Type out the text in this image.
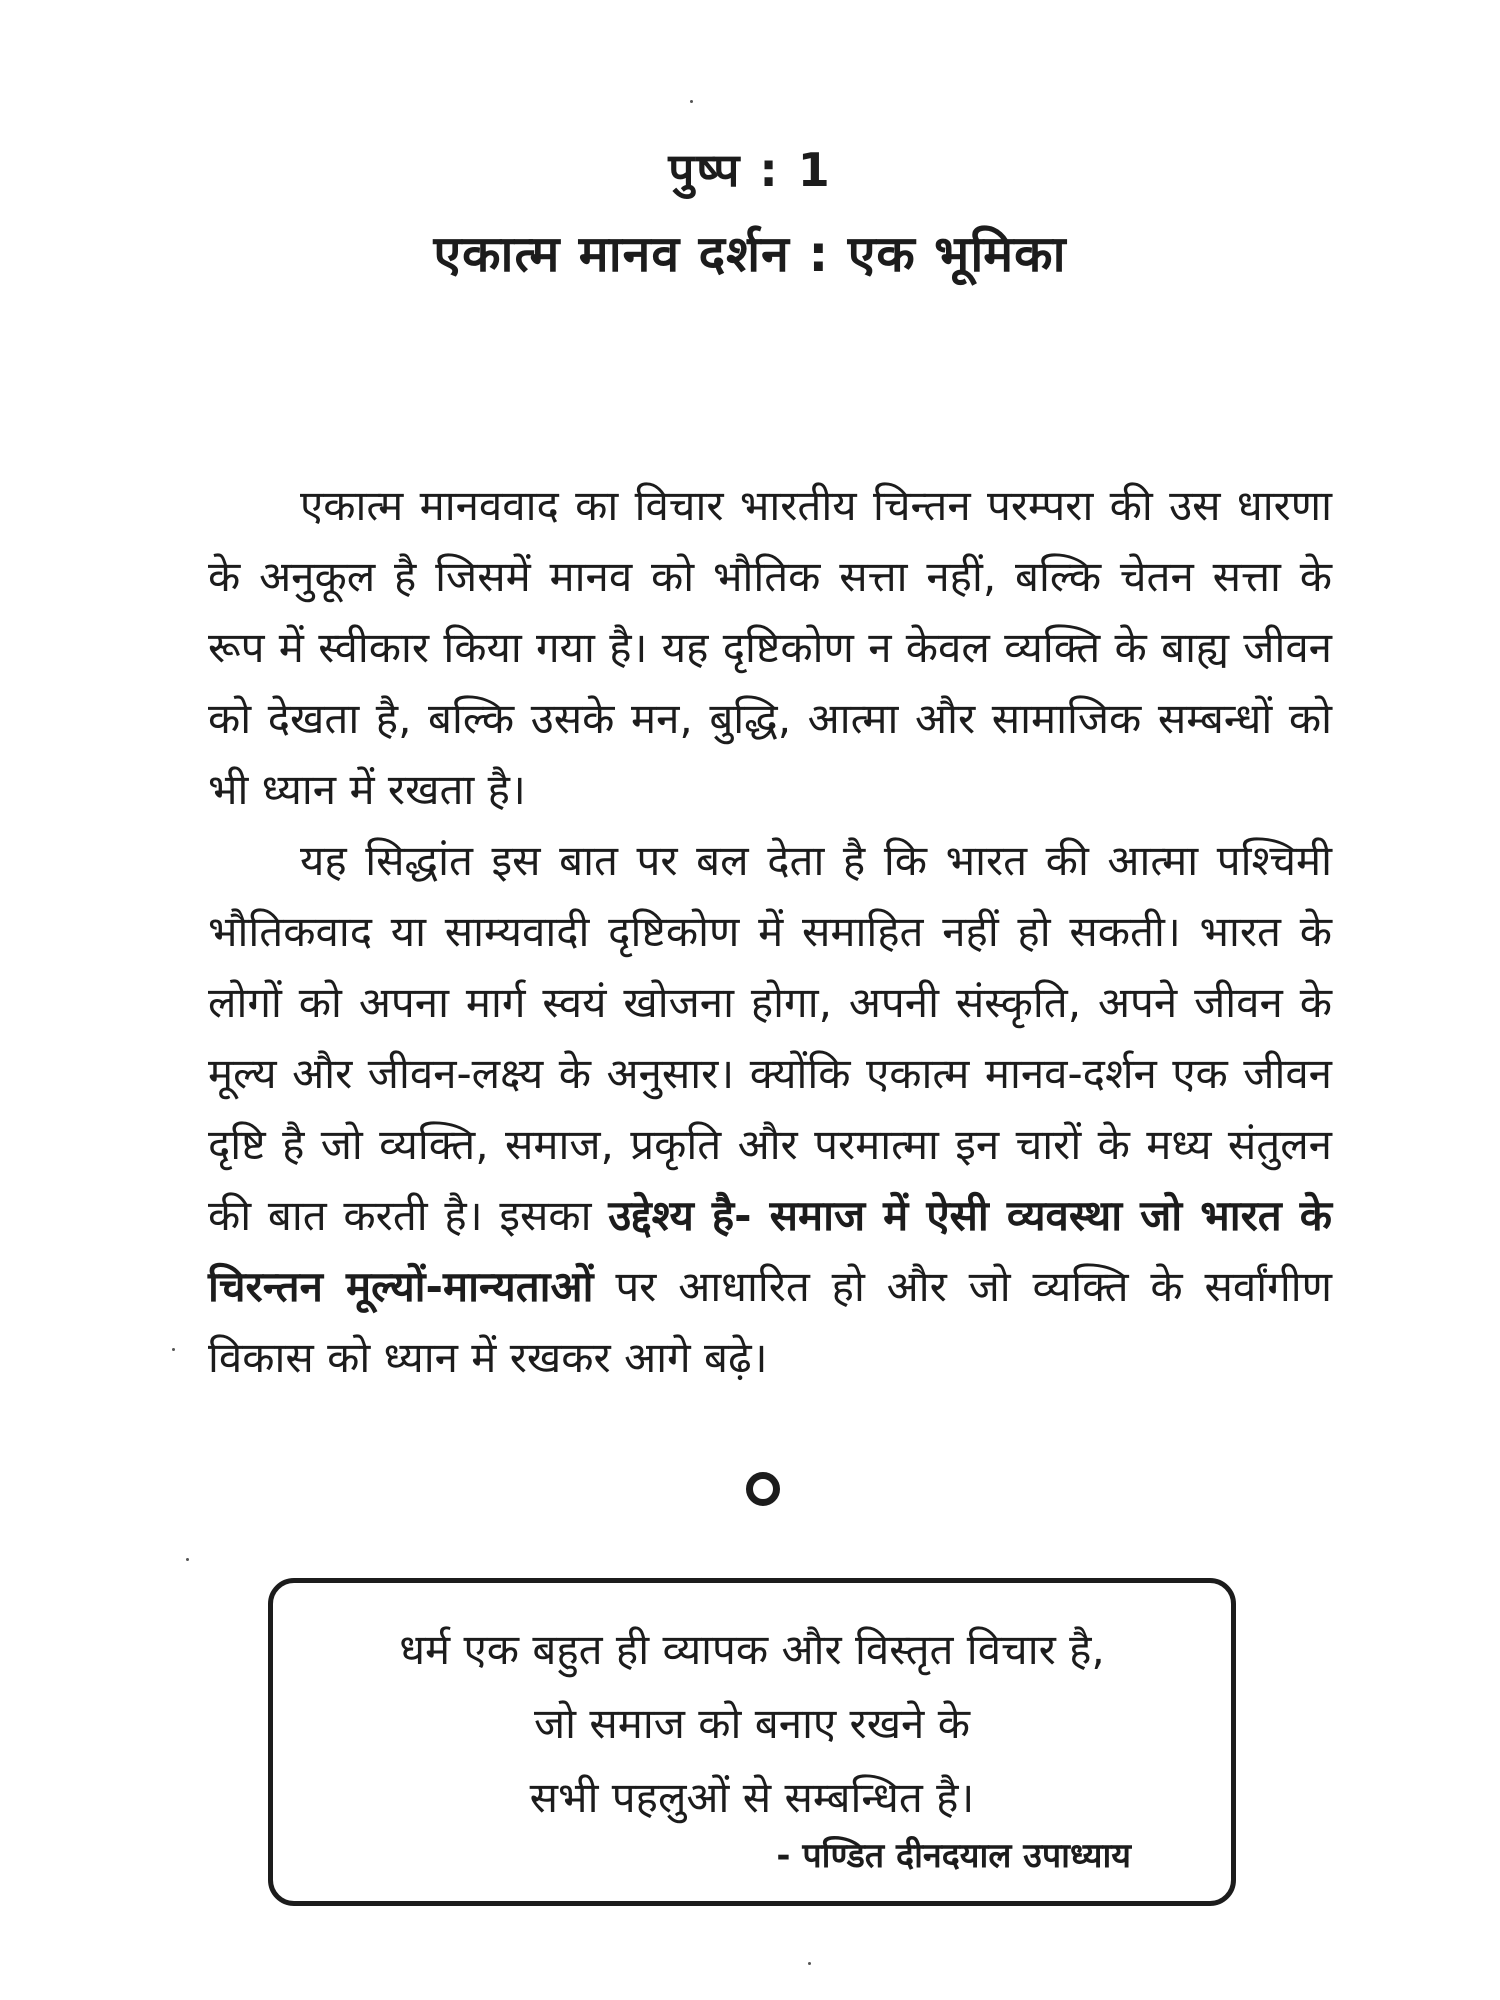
पुष्प : 1
एकात्म मानव दर्शन : एक भूमिका

एकात्म मानववाद का विचार भारतीय चिन्तन परम्परा की उस धारणा के अनुकूल है जिसमें मानव को भौतिक सत्ता नहीं, बल्कि चेतन सत्ता के रूप में स्वीकार किया गया है। यह दृष्टिकोण न केवल व्यक्ति के बाह्य जीवन को देखता है, बल्कि उसके मन, बुद्धि, आत्मा और सामाजिक सम्बन्धों को भी ध्यान में रखता है।

यह सिद्धांत इस बात पर बल देता है कि भारत की आत्मा पश्चिमी भौतिकवाद या साम्यवादी दृष्टिकोण में समाहित नहीं हो सकती। भारत के लोगों को अपना मार्ग स्वयं खोजना होगा, अपनी संस्कृति, अपने जीवन के मूल्य और जीवन-लक्ष्य के अनुसार। क्योंकि एकात्म मानव-दर्शन एक जीवन दृष्टि है जो व्यक्ति, समाज, प्रकृति और परमात्मा इन चारों के मध्य संतुलन की बात करती है। इसका उद्देश्य है- समाज में ऐसी व्यवस्था जो भारत के चिरन्तन मूल्यों-मान्यताओं पर आधारित हो और जो व्यक्ति के सर्वांगीण विकास को ध्यान में रखकर आगे बढ़े।

धर्म एक बहुत ही व्यापक और विस्तृत विचार है,
जो समाज को बनाए रखने के
सभी पहलुओं से सम्बन्धित है।
- पण्डित दीनदयाल उपाध्याय
